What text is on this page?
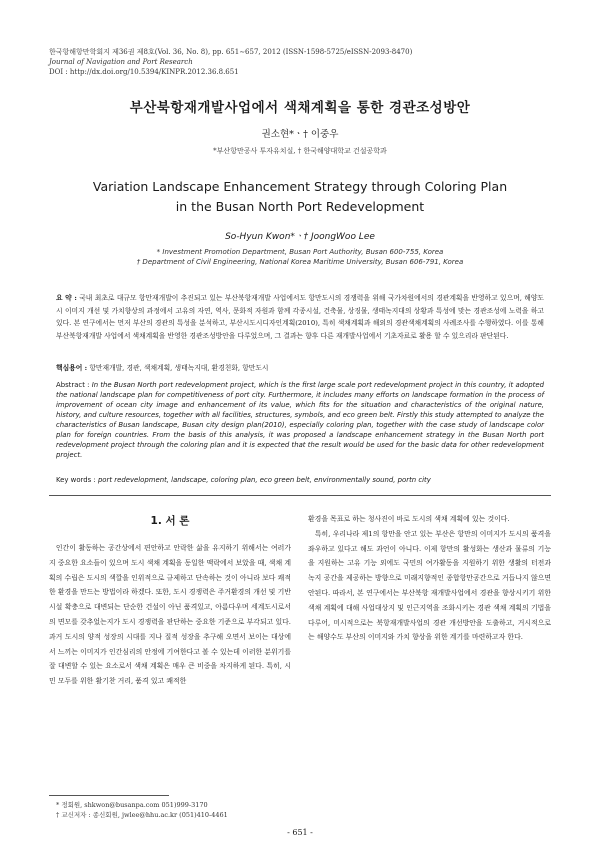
한국항해항만학회지 제36권 제8호(Vol. 36, No. 8), pp. 651∼657, 2012 (ISSN-1598-5725/eISSN-2093-8470)
Journal of Navigation and Port Research
DOI : http://dx.doi.org/10.5394/KINPR.2012.36.8.651
부산북항재개발사업에서 색채계획을 통한 경관조성방안
권소현*ㆍ† 이중우
*부산항만공사 투자유치실, † 한국해양대학교 건설공학과
Variation Landscape Enhancement Strategy through Coloring Plan
in the Busan North Port Redevelopment
So-Hyun Kwon*ㆍ† JoongWoo Lee
* Investment Promotion Department, Busan Port Authority, Busan 600-755, Korea
† Department of Civil Engineering, National Korea Maritime University, Busan 606-791, Korea
요 약 : 국내 최초로 대규모 항만재개발이 추진되고 있는 부산북항재개발 사업에서도 항만도시의 경쟁력을 위해 국가차원에서의 경관계획을 반영하고 있으며, 해양도시 이미지 개선 및 가치향상의 과정에서 고유의 자연, 역사, 문화적 자원과 함께 각종시설, 건축물, 상징물, 생태녹지대의 상황과 특성에 맞는 경관조성에 노력을 하고 있다. 본 연구에서는 먼저 부산의 경관의 특성을 분석하고, 부산시도시디자인계획(2010), 특히 색채계획과 해외의 경관색채계획의 사례조사를 수행하였다. 이를 통해 부산북항재개발 사업에서 색채계획을 반영한 경관조성방안을 다루었으며, 그 결과는 향후 다른 재개발사업에서 기초자료로 활용 할 수 있으리라 판단된다.
핵심용어 : 항만재개발, 경관, 색채계획, 생태녹지대, 환경친화, 항만도시
Abstract : In the Busan North port redevelopment project, which is the first large scale port redevelopment project in this country, it adopted the national landscape plan for competitiveness of port city. Furthermore, it includes many efforts on landscape formation in the process of improvement of ocean city image and enhancement of its value, which fits for the situation and characteristics of the original nature, history, and culture resources, together with all facilities, structures, symbols, and eco green belt. Firstly this study attempted to analyze the characteristics of Busan landscape, Busan city design plan(2010), especially coloring plan, together with the case study of landscape color plan for foreign countries. From the basis of this analysis, it was proposed a landscape enhancement strategy in the Busan North port redevelopment project through the coloring plan and it is expected that the result would be used for the basic data for other redevelopment project.
Key words : port redevelopment, landscape, coloring plan, eco green belt, environmentally sound, portn city
1. 서 론

인간이 활동하는 공간상에서 편안하고 안락한 삶을 유지하기 위해서는 여러가지 중요한 요소들이 있으며 도시 색채 계획을 동일한 맥락에서 보았을 때, 색채 계획의 수립은 도시의 색깔을 인위적으로 규제하고 단속하는 것이 아니라 보다 쾌적한 환경을 만드는 방법이라 하겠다. 또한, 도시 경쟁력은 주거환경의 개선 및 기반시설 확충으로 대변되는 단순한 건설이 아닌 품격있고, 아름다우며 세계도시로서의 면모를 갖추었는지가 도시 경쟁력을 판단하는 중요한 기준으로 부각되고 있다. 과거 도시의 양적 성장의 시대를 지나 질적 성장을 추구해 오면서 보이는 대상에서 느끼는 이미지가 인간심리의 안정에 기여한다고 볼 수 있는데 이러한 분위기를 잘 대변할 수 있는 요소로서 색채 계획은 매우 큰 비중을 차지하게 된다. 특히, 시민 모두를 위한 활기찬 거리, 품격 있고 쾌적한

환경을 목표로 하는 청사진이 바로 도시의 색채 계획에 있는 것이다.

특히, 우리나라 제1의 항만을 안고 있는 부산은 항만의 이미지가 도시의 품격을 좌우하고 있다고 해도 과언이 아니다. 이제 항만의 활성화는 생산과 물류의 기능을 지원하는 고유 기능 외에도 국민의 여가활동을 지원하기 위한 생활의 터전과 녹지 공간을 제공하는 방향으로 미래지향적인 종합항만공간으로 거듭나지 않으면 안된다. 따라서, 본 연구에서는 부산북항 재개발사업에서 경관을 향상시키기 위한 색채 계획에 대해 사업대상지 및 인근지역을 조화시키는 경관 색채 계획의 기법을 다루어, 미시적으로는 북항재개발사업의 경관 개선방안을 도출하고, 거시적으로는 해양수도 부산의 이미지와 가치 향상을 위한 계기를 마련하고자 한다.

* 정회원, shkwon@busanpa.com 051)999-3170
† 교신저자 : 종신회원, jwlee@hhu.ac.kr (051)410-4461
- 651 -
